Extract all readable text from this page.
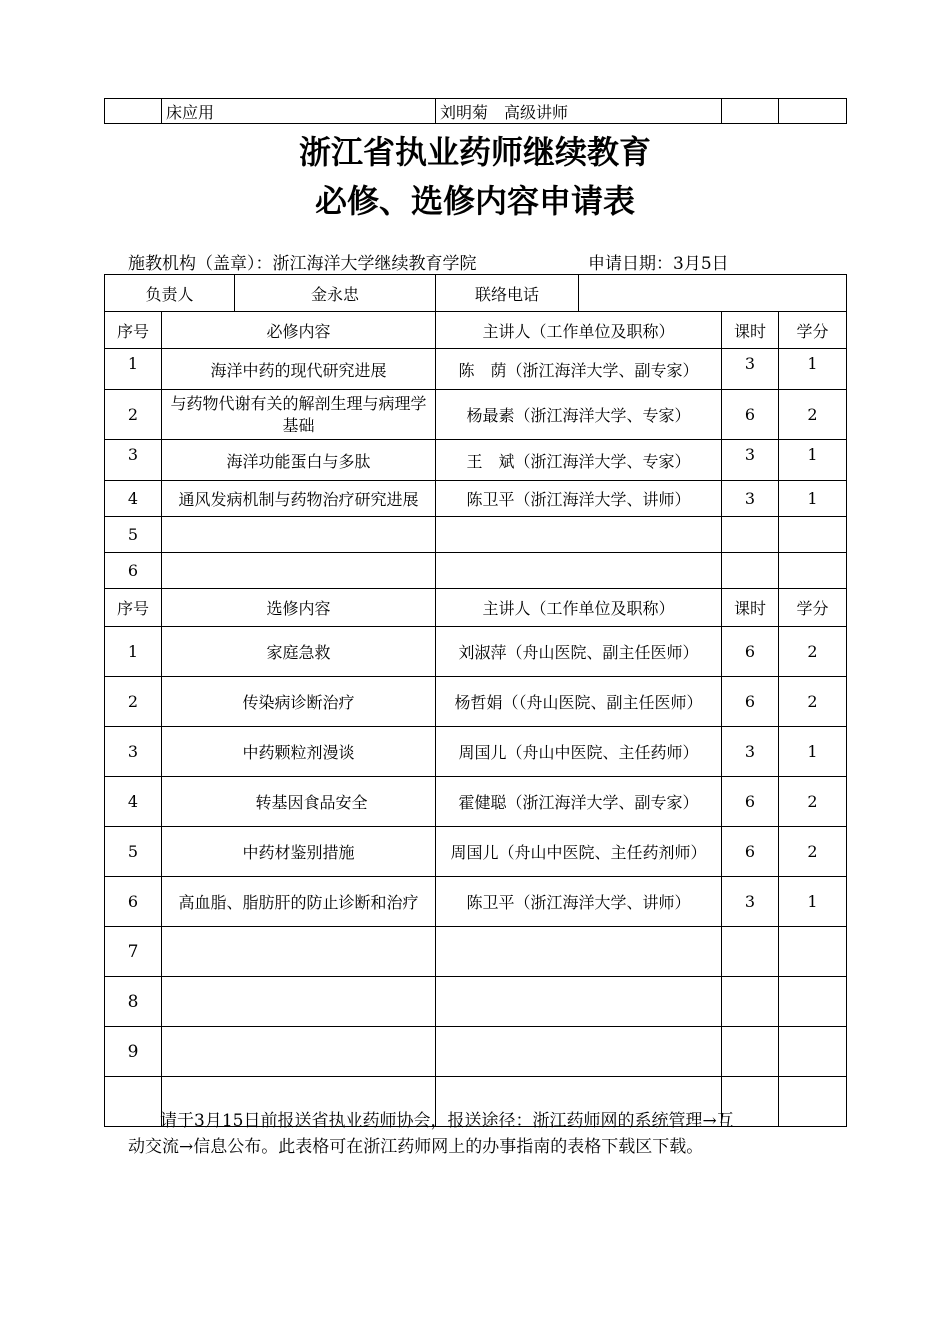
	床应用	刘明菊　高级讲师		
浙江省执业药师继续教育
必修、选修内容申请表
施教机构（盖章）：浙江海洋大学继续教育学院	申请日期：3月5日
负责人		金永忠	联络电话			
序号	必修内容		主讲人（工作单位及职称）		课时	学分
1	海洋中药的现代研究进展		陈　荫（浙江海洋大学、副专家）		3	1
2	与药物代谢有关的解剖生理与病理学基础		杨最素（浙江海洋大学、专家）		6	2
3	海洋功能蛋白与多肽		王　斌（浙江海洋大学、专家）		3	1
4	通风发病机制与药物治疗研究进展		陈卫平（浙江海洋大学、讲师）		3	1
5						
6						
序号	选修内容		主讲人（工作单位及职称）		课时	学分
1	家庭急救		刘淑萍（舟山医院、副主任医师）		6	2
2	传染病诊断治疗		杨哲娟（（舟山医院、副主任医师）		6	2
3	中药颗粒剂漫谈		周国儿（舟山中医院、主任药师）		3	1
4	转基因食品安全		霍健聪（浙江海洋大学、副专家）		6	2
5	中药材鉴别措施		周国儿（舟山中医院、主任药剂师）		6	2
6	高血脂、脂肪肝的防止诊断和治疗		陈卫平（浙江海洋大学、讲师）		3	1
7						
8						
9						

请于3月15日前报送省执业药师协会，报送途径：浙江药师网的系统管理→互

动交流→信息公布。此表格可在浙江药师网上的办事指南的表格下载区下载。
